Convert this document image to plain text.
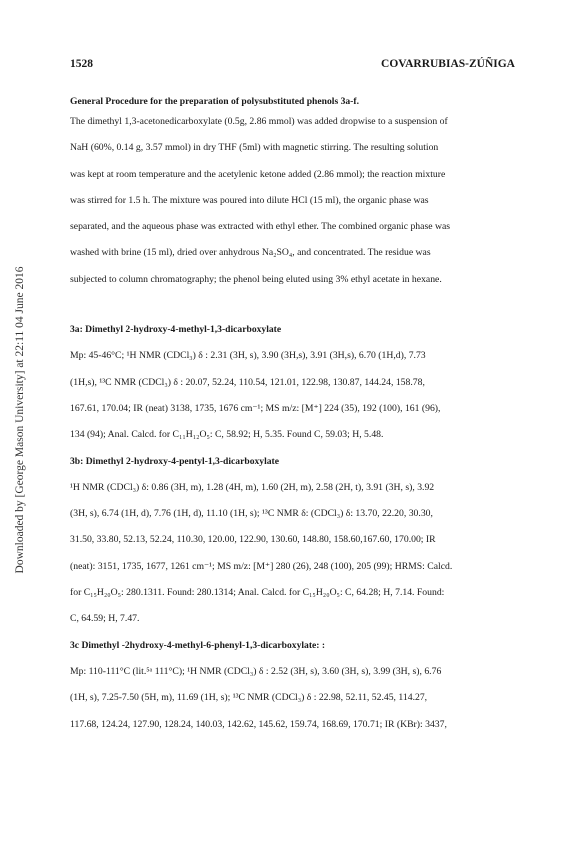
Downloaded by [George Mason University] at 22:11 04 June 2016
1528	COVARRUBIAS-ZÚÑIGA
General Procedure for the preparation of polysubstituted phenols 3a-f.
The dimethyl 1,3-acetonedicarboxylate (0.5g, 2.86 mmol) was added dropwise to a suspension of
NaH (60%, 0.14 g, 3.57 mmol) in dry THF (5ml) with magnetic stirring. The resulting solution
was kept at room temperature and the acetylenic ketone added (2.86 mmol); the reaction mixture
was stirred for 1.5 h. The mixture was poured into dilute HCl (15 ml), the organic phase was
separated, and the aqueous phase was extracted with ethyl ether. The combined organic phase was
washed with brine (15 ml), dried over anhydrous Na₂SO₄, and concentrated. The residue was
subjected to column chromatography; the phenol being eluted using 3% ethyl acetate in hexane.
3a: Dimethyl 2-hydroxy-4-methyl-1,3-dicarboxylate
Mp: 45-46°C; ¹H NMR (CDCl₃) δ : 2.31 (3H, s), 3.90 (3H,s), 3.91 (3H,s), 6.70 (1H,d), 7.73
(1H,s), ¹³C NMR (CDCl₃) δ : 20.07, 52.24, 110.54, 121.01, 122.98, 130.87, 144.24, 158.78,
167.61, 170.04; IR (neat) 3138, 1735, 1676 cm⁻¹; MS m/z: [M⁺] 224 (35), 192 (100), 161 (96),
134 (94); Anal. Calcd. for C₁₁H₁₂O₅: C, 58.92; H, 5.35. Found C, 59.03; H, 5.48.
3b: Dimethyl 2-hydroxy-4-pentyl-1,3-dicarboxylate
¹H NMR (CDCl₃) δ: 0.86 (3H, m), 1.28 (4H, m), 1.60 (2H, m), 2.58 (2H, t), 3.91 (3H, s), 3.92
(3H, s), 6.74 (1H, d), 7.76 (1H, d), 11.10 (1H, s); ¹³C NMR δ: (CDCl₃) δ: 13.70, 22.20, 30.30,
31.50, 33.80, 52.13, 52.24, 110.30, 120.00, 122.90, 130.60, 148.80, 158.60,167.60, 170.00; IR
(neat): 3151, 1735, 1677, 1261 cm⁻¹; MS m/z: [M⁺] 280 (26), 248 (100), 205 (99); HRMS: Calcd.
for C₁₅H₂₀O₅: 280.1311. Found: 280.1314; Anal. Calcd. for C₁₅H₂₀O₅: C, 64.28; H, 7.14. Found:
C, 64.59; H, 7.47.
3c Dimethyl -2hydroxy-4-methyl-6-phenyl-1,3-dicarboxylate: :
Mp: 110-111°C (lit.⁵ᵃ 111°C); ¹H NMR (CDCl₃) δ : 2.52 (3H, s), 3.60 (3H, s), 3.99 (3H, s), 6.76
(1H, s), 7.25-7.50 (5H, m), 11.69 (1H, s); ¹³C NMR (CDCl₃) δ : 22.98, 52.11, 52.45, 114.27,
117.68, 124.24, 127.90, 128.24, 140.03, 142.62, 145.62, 159.74, 168.69, 170.71; IR (KBr): 3437,
